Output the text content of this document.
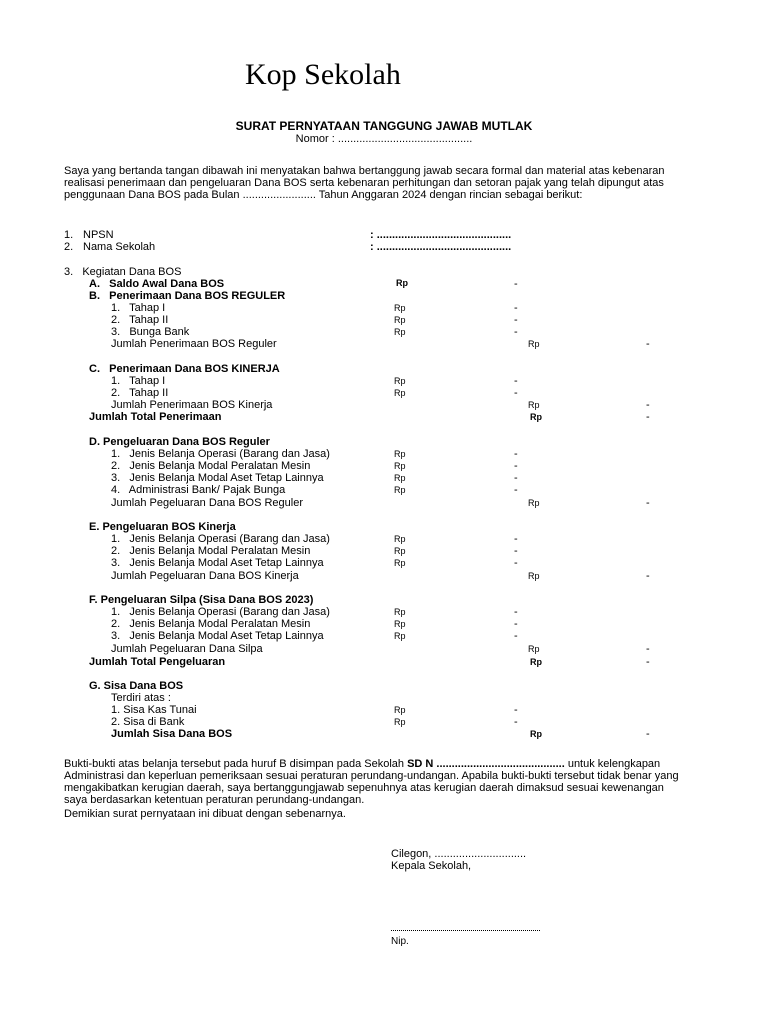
Kop Sekolah
SURAT PERNYATAAN TANGGUNG JAWAB MUTLAK
Nomor : ............................................
Saya yang bertanda tangan dibawah ini menyatakan bahwa bertanggung jawab secara formal dan material atas kebenaran realisasi penerimaan dan pengeluaran Dana BOS serta kebenaran perhitungan dan setoran pajak yang telah dipungut atas penggunaan Dana BOS pada Bulan ........................ Tahun Anggaran 2024 dengan rincian sebagai berikut:
1. NPSN	: ............................................
2. Nama Sekolah	: ............................................
3.   Kegiatan Dana BOS
A.   Saldo Awal Dana BOS	Rp	-
B.   Penerimaan Dana BOS REGULER
1.   Tahap I	Rp	-
2.   Tahap II	Rp	-
3.   Bunga Bank	Rp	-
Jumlah Penerimaan BOS Reguler	Rp	-
C.   Penerimaan Dana BOS KINERJA
1.   Tahap I	Rp	-
2.   Tahap II	Rp	-
Jumlah Penerimaan BOS Kinerja	Rp	-
Jumlah Total Penerimaan	Rp	-
D. Pengeluaran Dana BOS Reguler
1.   Jenis Belanja Operasi (Barang dan Jasa)	Rp	-
2.   Jenis Belanja Modal Peralatan Mesin	Rp	-
3.   Jenis Belanja Modal Aset Tetap Lainnya	Rp	-
4.   Administrasi Bank/ Pajak Bunga	Rp	-
Jumlah Pegeluaran Dana BOS Reguler	Rp	-
E. Pengeluaran BOS Kinerja
1.   Jenis Belanja Operasi (Barang dan Jasa)	Rp	-
2.   Jenis Belanja Modal Peralatan Mesin	Rp	-
3.   Jenis Belanja Modal Aset Tetap Lainnya	Rp	-
Jumlah Pegeluaran Dana BOS Kinerja	Rp	-
F. Pengeluaran Silpa (Sisa Dana BOS 2023)
1.   Jenis Belanja Operasi (Barang dan Jasa)	Rp	-
2.   Jenis Belanja Modal Peralatan Mesin	Rp	-
3.   Jenis Belanja Modal Aset Tetap Lainnya	Rp	-
Jumlah Pegeluaran Dana Silpa	Rp	-
Jumlah Total Pengeluaran	Rp	-
G. Sisa Dana BOS
Terdiri atas :
1. Sisa Kas Tunai	Rp	-
2. Sisa di Bank	Rp	-
Jumlah Sisa Dana BOS	Rp	-
Bukti-bukti atas belanja tersebut pada huruf B disimpan pada Sekolah SD N .......................................... untuk kelengkapan Administrasi dan keperluan pemeriksaan sesuai peraturan perundang-undangan. Apabila bukti-bukti tersebut tidak benar yang mengakibatkan kerugian daerah, saya bertanggungjawab sepenuhnya atas kerugian daerah dimaksud sesuai kewenangan saya berdasarkan ketentuan peraturan perundang-undangan.
Demikian surat pernyataan ini dibuat dengan sebenarnya.
Cilegon, ..............................
Kepala Sekolah,
Nip.
